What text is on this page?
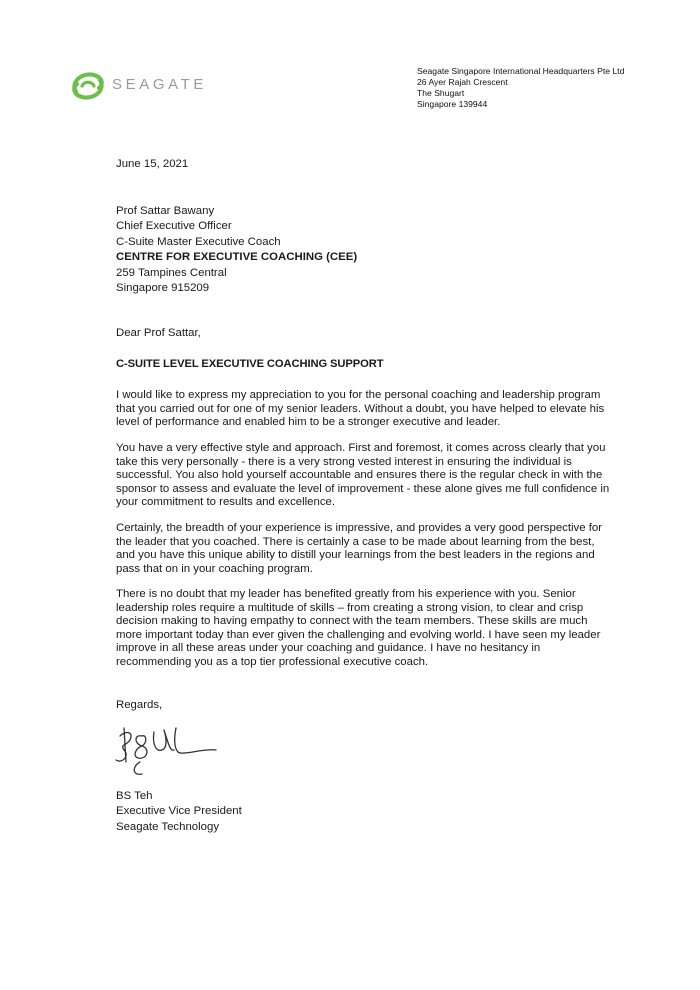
SEAGATE
Seagate Singapore International Headquarters Pte Ltd
26 Ayer Rajah Crescent
The Shugart
Singapore 139944
June 15, 2021
Prof Sattar Bawany
Chief Executive Officer
C-Suite Master Executive Coach
CENTRE FOR EXECUTIVE COACHING (CEE)
259 Tampines Central
Singapore 915209
Dear Prof Sattar,
C-SUITE LEVEL EXECUTIVE COACHING SUPPORT

I would like to express my appreciation to you for the personal coaching and leadership program that you carried out for one of my senior leaders. Without a doubt, you have helped to elevate his level of performance and enabled him to be a stronger executive and leader.

You have a very effective style and approach. First and foremost, it comes across clearly that you take this very personally - there is a very strong vested interest in ensuring the individual is successful. You also hold yourself accountable and ensures there is the regular check in with the sponsor to assess and evaluate the level of improvement - these alone gives me full confidence in your commitment to results and excellence.

Certainly, the breadth of your experience is impressive, and provides a very good perspective for the leader that you coached. There is certainly a case to be made about learning from the best, and you have this unique ability to distill your learnings from the best leaders in the regions and pass that on in your coaching program.

There is no doubt that my leader has benefited greatly from his experience with you. Senior leadership roles require a multitude of skills – from creating a strong vision, to clear and crisp decision making to having empathy to connect with the team members. These skills are much more important today than ever given the challenging and evolving world. I have seen my leader improve in all these areas under your coaching and guidance. I have no hesitancy in recommending you as a top tier professional executive coach.

Regards,
BS Teh
Executive Vice President
Seagate Technology
